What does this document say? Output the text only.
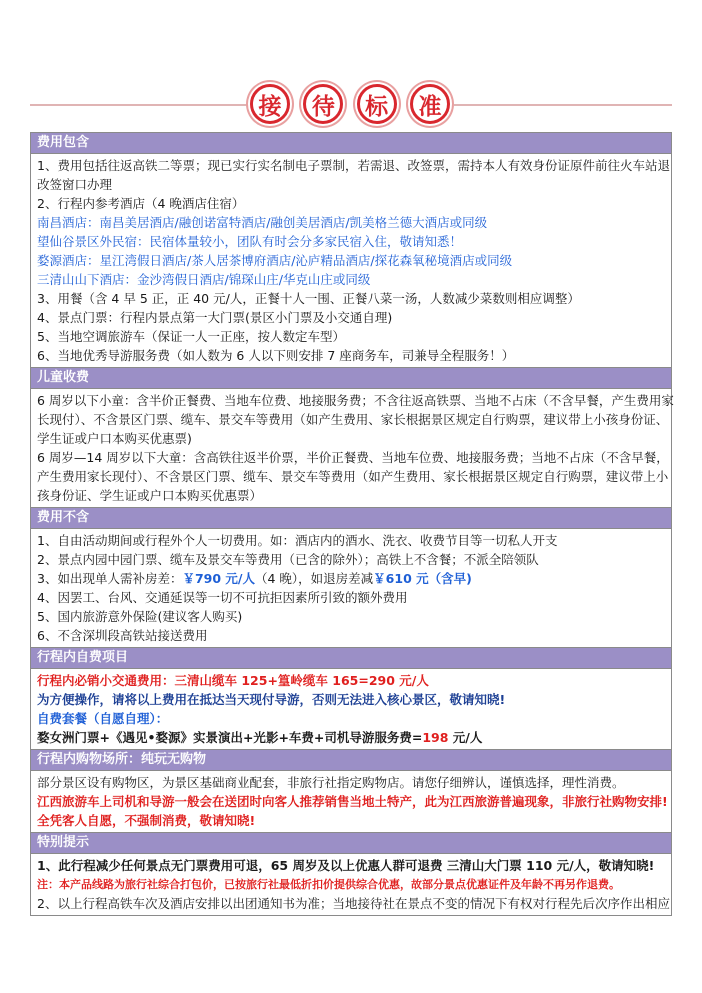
接	待	标	准
费用包含
1、费用包括往返高铁二等票；现已实行实名制电子票制，若需退、改签票，需持本人有效身份证原件前往火车站退
改签窗口办理
2、行程内参考酒店（4 晚酒店住宿）
南昌酒店：南昌美居酒店/融创诺富特酒店/融创美居酒店/凯美格兰德大酒店或同级
望仙谷景区外民宿：民宿体量较小，团队有时会分多家民宿入住，敬请知悉！
婺源酒店：星江湾假日酒店/茶人居茶博府酒店/沁庐精品酒店/探花森氧秘境酒店或同级
三清山山下酒店：金沙湾假日酒店/锦琛山庄/华克山庄或同级
3、用餐（含 4 早 5 正，正 40 元/人，正餐十人一围、正餐八菜一汤，人数减少菜数则相应调整）
4、景点门票：行程内景点第一大门票(景区小门票及小交通自理)
5、当地空调旅游车（保证一人一正座，按人数定车型）
6、当地优秀导游服务费（如人数为 6 人以下则安排 7 座商务车，司兼导全程服务！）
儿童收费
6 周岁以下小童：含半价正餐费、当地车位费、地接服务费；不含往返高铁票、当地不占床（不含早餐，产生费用家
长现付）、不含景区门票、缆车、景交车等费用（如产生费用、家长根据景区规定自行购票，建议带上小孩身份证、
学生证或户口本购买优惠票)
6 周岁—14 周岁以下大童：含高铁往返半价票，半价正餐费、当地车位费、地接服务费；当地不占床（不含早餐，
产生费用家长现付）、不含景区门票、缆车、景交车等费用（如产生费用、家长根据景区规定自行购票，建议带上小
孩身份证、学生证或户口本购买优惠票）
费用不含
1、自由活动期间或行程外个人一切费用。如：酒店内的酒水、洗衣、收费节目等一切私人开支
2、景点内园中园门票、缆车及景交车等费用（已含的除外）；高铁上不含餐；不派全陪领队
3、如出现单人需补房差：￥790 元/人（4 晚），如退房差减￥610 元（含早)
4、因罢工、台风、交通延误等一切不可抗拒因素所引致的额外费用
5、国内旅游意外保险(建议客人购买)
6、不含深圳段高铁站接送费用
行程内自费项目
行程内必销小交通费用：三清山缆车 125+篁岭缆车 165=290 元/人
为方便操作，请将以上费用在抵达当天现付导游，否则无法进入核心景区，敬请知晓!
自费套餐（自愿自理）：
婺女洲门票+《遇见•婺源》实景演出+光影+车费+司机导游服务费=198 元/人
行程内购物场所：纯玩无购物
部分景区设有购物区，为景区基础商业配套，非旅行社指定购物店。请您仔细辨认，谨慎选择，理性消费。
江西旅游车上司机和导游一般会在送团时向客人推荐销售当地土特产，此为江西旅游普遍现象，非旅行社购物安排!
全凭客人自愿，不强制消费，敬请知晓!
特别提示
1、此行程减少任何景点无门票费用可退，65 周岁及以上优惠人群可退费 三清山大门票 110 元/人，敬请知晓!
注：本产品线路为旅行社综合打包价，已按旅行社最低折扣价提供综合优惠，故部分景点优惠证件及年龄不再另作退费。
2、以上行程高铁车次及酒店安排以出团通知书为准；当地接待社在景点不变的情况下有权对行程先后次序作出相应
